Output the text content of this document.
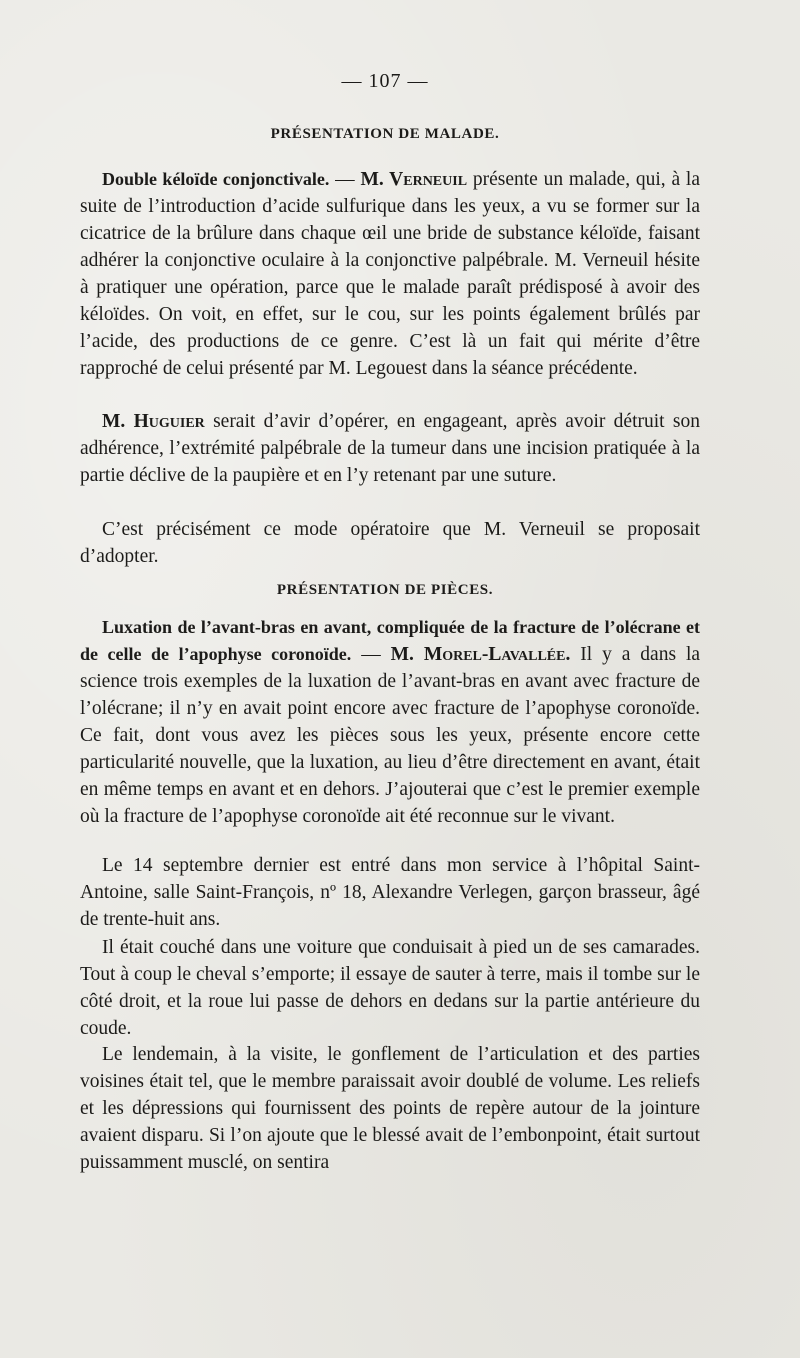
— 107 —
PRÉSENTATION DE MALADE.

Double kéloïde conjonctivale. — M. Verneuil présente un malade, qui, à la suite de l’introduction d’acide sulfurique dans les yeux, a vu se former sur la cicatrice de la brûlure dans chaque œil une bride de substance kéloïde, faisant adhérer la conjonctive oculaire à la conjonctive palpébrale. M. Verneuil hésite à pratiquer une opération, parce que le malade paraît prédisposé à avoir des kéloïdes. On voit, en effet, sur le cou, sur les points également brûlés par l’acide, des productions de ce genre. C’est là un fait qui mérite d’être rapproché de celui présenté par M. Legouest dans la séance précédente.

M. Huguier serait d’avir d’opérer, en engageant, après avoir détruit son adhérence, l’extrémité palpébrale de la tumeur dans une incision pratiquée à la partie déclive de la paupière et en l’y retenant par une suture.

C’est précisément ce mode opératoire que M. Verneuil se proposait d’adopter.

PRÉSENTATION DE PIÈCES.

Luxation de l’avant-bras en avant, compliquée de la fracture de l’olécrane et de celle de l’apophyse coronoïde. — M. Morel-Lavallée. Il y a dans la science trois exemples de la luxation de l’avant-bras en avant avec fracture de l’olécrane; il n’y en avait point encore avec fracture de l’apophyse coronoïde. Ce fait, dont vous avez les pièces sous les yeux, présente encore cette particularité nouvelle, que la luxation, au lieu d’être directement en avant, était en même temps en avant et en dehors. J’ajouterai que c’est le premier exemple où la fracture de l’apophyse coronoïde ait été reconnue sur le vivant.

Le 14 septembre dernier est entré dans mon service à l’hôpital Saint-Antoine, salle Saint-François, nº 18, Alexandre Verlegen, garçon brasseur, âgé de trente-huit ans.

Il était couché dans une voiture que conduisait à pied un de ses camarades. Tout à coup le cheval s’emporte; il essaye de sauter à terre, mais il tombe sur le côté droit, et la roue lui passe de dehors en dedans sur la partie antérieure du coude.

Le lendemain, à la visite, le gonflement de l’articulation et des parties voisines était tel, que le membre paraissait avoir doublé de volume. Les reliefs et les dépressions qui fournissent des points de repère autour de la jointure avaient disparu. Si l’on ajoute que le blessé avait de l’embonpoint, était surtout puissamment musclé, on sentira
